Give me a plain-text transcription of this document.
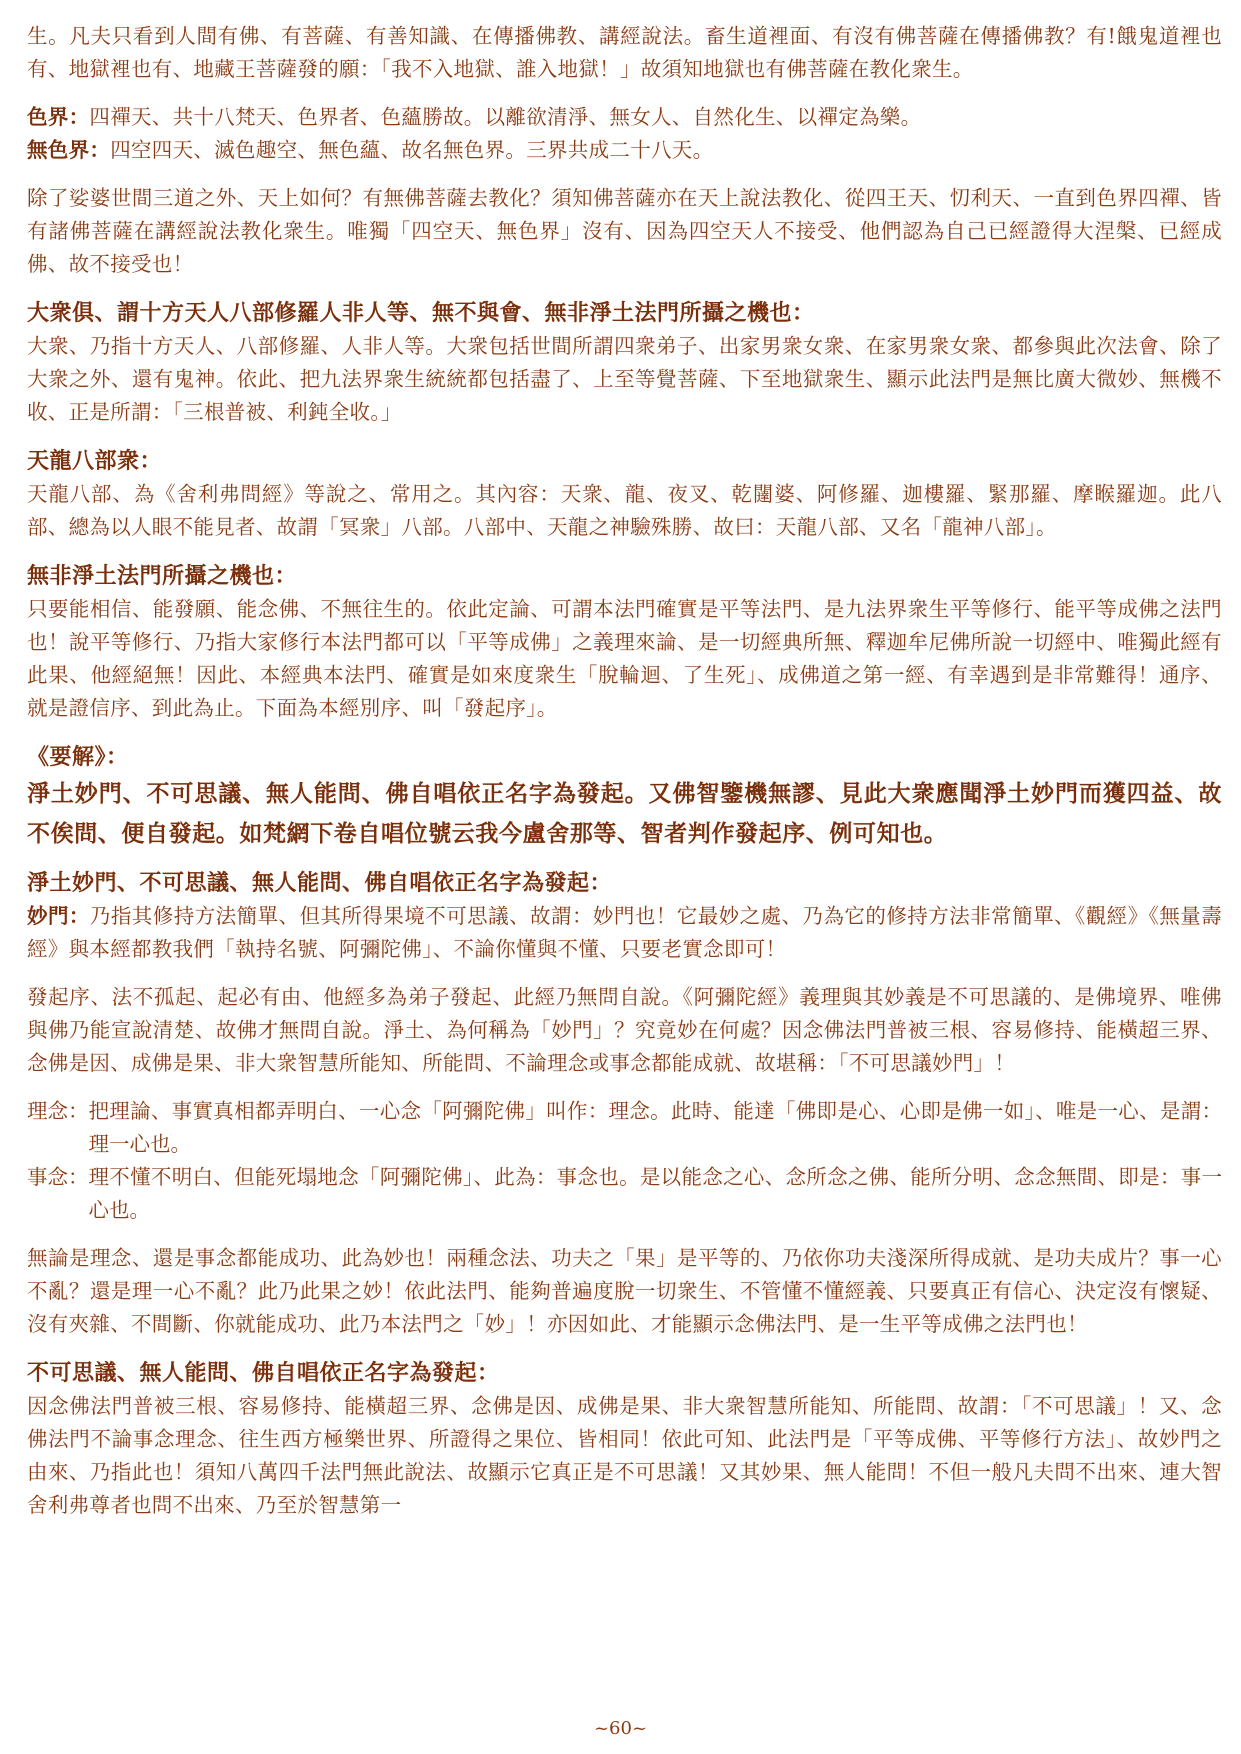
生。凡夫只看到人間有佛、有菩薩、有善知識、在傳播佛教、講經說法。畜生道裡面、有沒有佛菩薩在傳播佛教？有!餓鬼道裡也有、地獄裡也有、地藏王菩薩發的願：「我不入地獄、誰入地獄！」故須知地獄也有佛菩薩在教化衆生。

色界：四禪天、共十八梵天、色界者、色蘊勝故。以離欲清淨、無女人、自然化生、以禪定為樂。

無色界：四空四天、滅色趣空、無色蘊、故名無色界。三界共成二十八天。

除了娑婆世間三道之外、天上如何？有無佛菩薩去教化？須知佛菩薩亦在天上說法教化、從四王天、忉利天、一直到色界四禪、皆有諸佛菩薩在講經說法教化衆生。唯獨「四空天、無色界」沒有、因為四空天人不接受、他們認為自己已經證得大涅槃、已經成佛、故不接受也！

大衆俱、謂十方天人八部修羅人非人等、無不與會、無非淨土法門所攝之機也：

大衆、乃指十方天人、八部修羅、人非人等。大衆包括世間所謂四衆弟子、出家男衆女衆、在家男衆女衆、都參與此次法會、除了大衆之外、還有鬼神。依此、把九法界衆生統統都包括盡了、上至等覺菩薩、下至地獄衆生、顯示此法門是無比廣大微妙、無機不收、正是所謂：「三根普被、利鈍全收。」

天龍八部衆：

天龍八部、為《舍利弗問經》等說之、常用之。其內容：天衆、龍、夜叉、乾闥婆、阿修羅、迦樓羅、緊那羅、摩睺羅迦。此八部、總為以人眼不能見者、故謂「冥衆」八部。八部中、天龍之神驗殊勝、故曰：天龍八部、又名「龍神八部」。

無非淨土法門所攝之機也：

只要能相信、能發願、能念佛、不無往生的。依此定論、可謂本法門確實是平等法門、是九法界衆生平等修行、能平等成佛之法門也！說平等修行、乃指大家修行本法門都可以「平等成佛」之義理來論、是一切經典所無、釋迦牟尼佛所說一切經中、唯獨此經有此果、他經絕無！因此、本經典本法門、確實是如來度衆生「脫輪迴、了生死」、成佛道之第一經、有幸遇到是非常難得！通序、就是證信序、到此為止。下面為本經別序、叫「發起序」。

《要解》：

淨土妙門、不可思議、無人能問、佛自唱依正名字為發起。又佛智鑒機無謬、見此大衆應聞淨土妙門而獲四益、故不俟問、便自發起。如梵網下卷自唱位號云我今盧舍那等、智者判作發起序、例可知也。

淨土妙門、不可思議、無人能問、佛自唱依正名字為發起：

妙門：乃指其修持方法簡單、但其所得果境不可思議、故謂：妙門也！它最妙之處、乃為它的修持方法非常簡單、《觀經》《無量壽經》與本經都教我們「執持名號、阿彌陀佛」、不論你懂與不懂、只要老實念即可！

發起序、法不孤起、起必有由、他經多為弟子發起、此經乃無問自說。《阿彌陀經》義理與其妙義是不可思議的、是佛境界、唯佛與佛乃能宣說清楚、故佛才無問自說。淨土、為何稱為「妙門」？究竟妙在何處？因念佛法門普被三根、容易修持、能橫超三界、念佛是因、成佛是果、非大衆智慧所能知、所能問、不論理念或事念都能成就、故堪稱：「不可思議妙門」！

理念： 把理論、事實真相都弄明白、一心念「阿彌陀佛」叫作：理念。此時、能達「佛即是心、心即是佛一如」、唯是一心、是謂：理一心也。
事念： 理不懂不明白、但能死塌地念「阿彌陀佛」、此為：事念也。是以能念之心、念所念之佛、能所分明、念念無間、即是：事一心也。

無論是理念、還是事念都能成功、此為妙也！兩種念法、功夫之「果」是平等的、乃依你功夫淺深所得成就、是功夫成片？事一心不亂？還是理一心不亂？此乃此果之妙！依此法門、能夠普遍度脫一切衆生、不管懂不懂經義、只要真正有信心、決定沒有懷疑、沒有夾雜、不間斷、你就能成功、此乃本法門之「妙」！亦因如此、才能顯示念佛法門、是一生平等成佛之法門也！

不可思議、無人能問、佛自唱依正名字為發起：

因念佛法門普被三根、容易修持、能橫超三界、念佛是因、成佛是果、非大衆智慧所能知、所能問、故謂：「不可思議」！又、念佛法門不論事念理念、往生西方極樂世界、所證得之果位、皆相同！依此可知、此法門是「平等成佛、平等修行方法」、故妙門之由來、乃指此也！須知八萬四千法門無此說法、故顯示它真正是不可思議！又其妙果、無人能問！不但一般凡夫問不出來、連大智舍利弗尊者也問不出來、乃至於智慧第一

~60~
